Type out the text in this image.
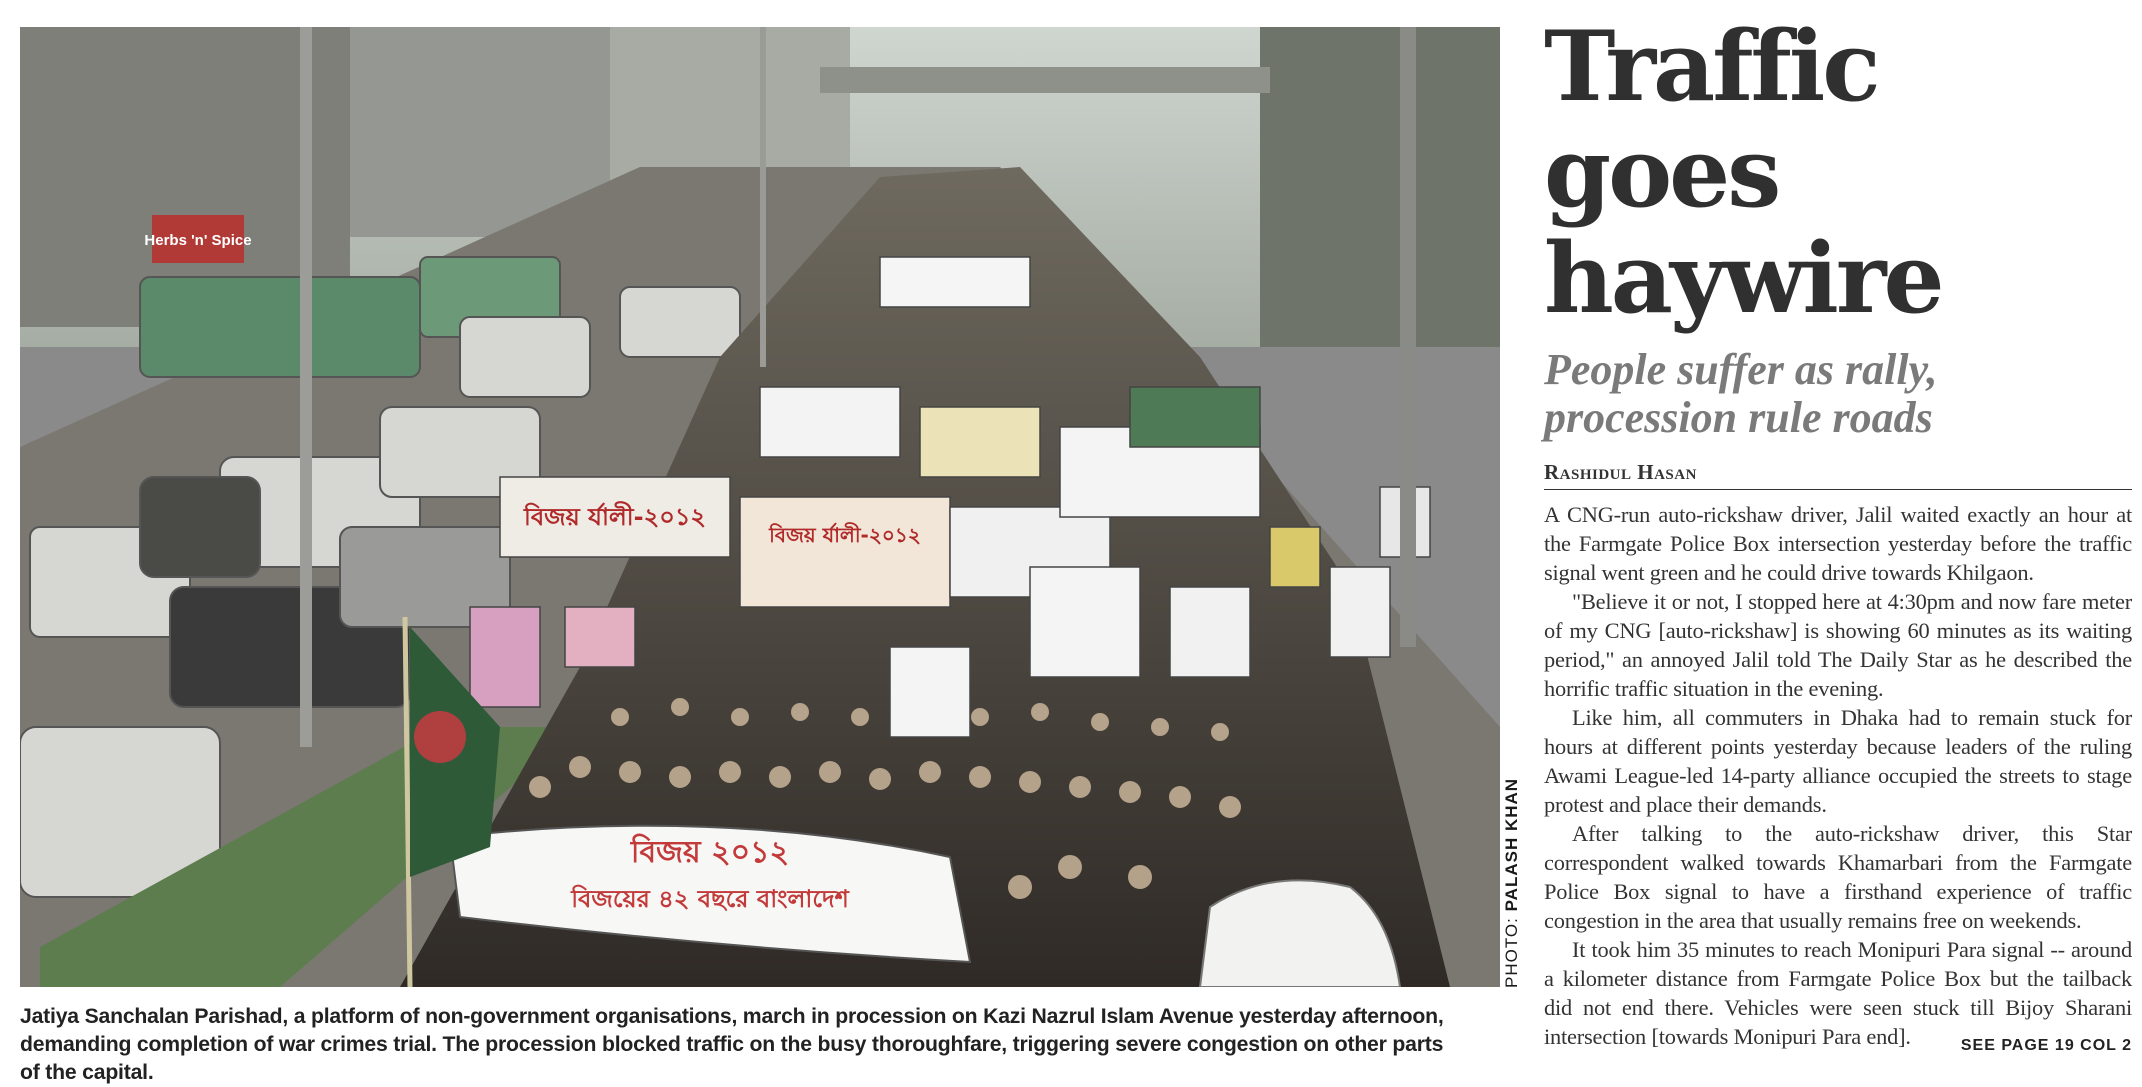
Herbs 'n' Spice
বিজয় র্যালী-২০১২
বিজয় র্যালী-২০১২
বিজয় ২০১২
বিজয়ের ৪২ বছরে বাংলাদেশ
PHOTO: PALASH KHAN
Jatiya Sanchalan Parishad, a platform of non-government organisations, march in procession on Kazi Nazrul Islam Avenue yesterday afternoon, demanding completion of war crimes trial. The procession blocked traffic on the busy thoroughfare, triggering severe congestion on other parts of the capital.
Traffic goes
haywire
People suffer as rally,
procession rule roads
Rashidul Hasan

A CNG-run auto-rickshaw driver, Jalil waited exactly an hour at the Farmgate Police Box intersection yesterday before the traffic signal went green and he could drive towards Khilgaon.

"Believe it or not, I stopped here at 4:30pm and now fare meter of my CNG [auto-rickshaw] is showing 60 minutes as its waiting period," an annoyed Jalil told The Daily Star as he described the horrific traffic situation in the evening.

Like him, all commuters in Dhaka had to remain stuck for hours at different points yesterday because leaders of the ruling Awami League-led 14-party alliance occupied the streets to stage protest and place their demands.

After talking to the auto-rickshaw driver, this Star correspondent walked towards Khamarbari from the Farmgate Police Box signal to have a firsthand experience of traffic congestion in the area that usually remains free on weekends.

It took him 35 minutes to reach Monipuri Para signal -- around a kilometer distance from Farmgate Police Box but the tailback did not end there. Vehicles were seen stuck till Bijoy Sharani intersection [towards Monipuri Para end].	SEE PAGE 19 COL 2
